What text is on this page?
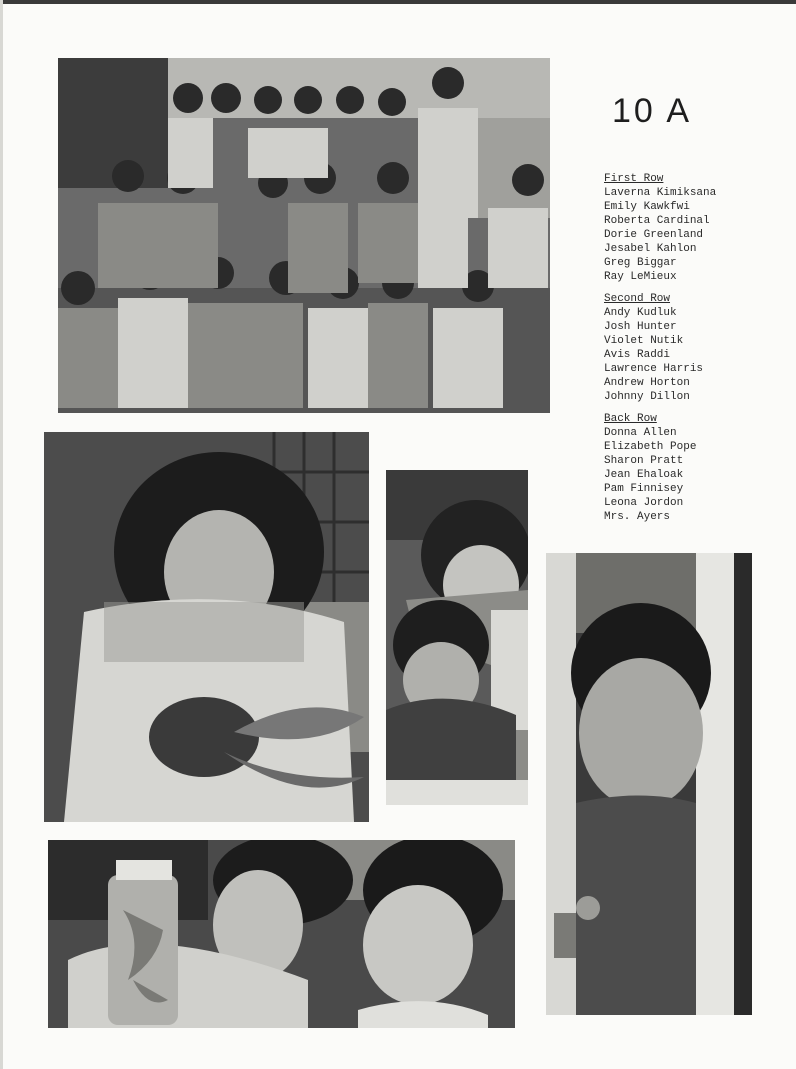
10 A
First Row
Laverna Kimiksana
Emily Kawkfwi
Roberta Cardinal
Dorie Greenland
Jesabel Kahlon
Greg Biggar
Ray LeMieux
Second Row
Andy Kudluk
Josh Hunter
Violet Nutik
Avis Raddi
Lawrence Harris
Andrew Horton
Johnny Dillon
Back Row
Donna Allen
Elizabeth Pope
Sharon Pratt
Jean Ehaloak
Pam Finnisey
Leona Jordon
Mrs. Ayers
